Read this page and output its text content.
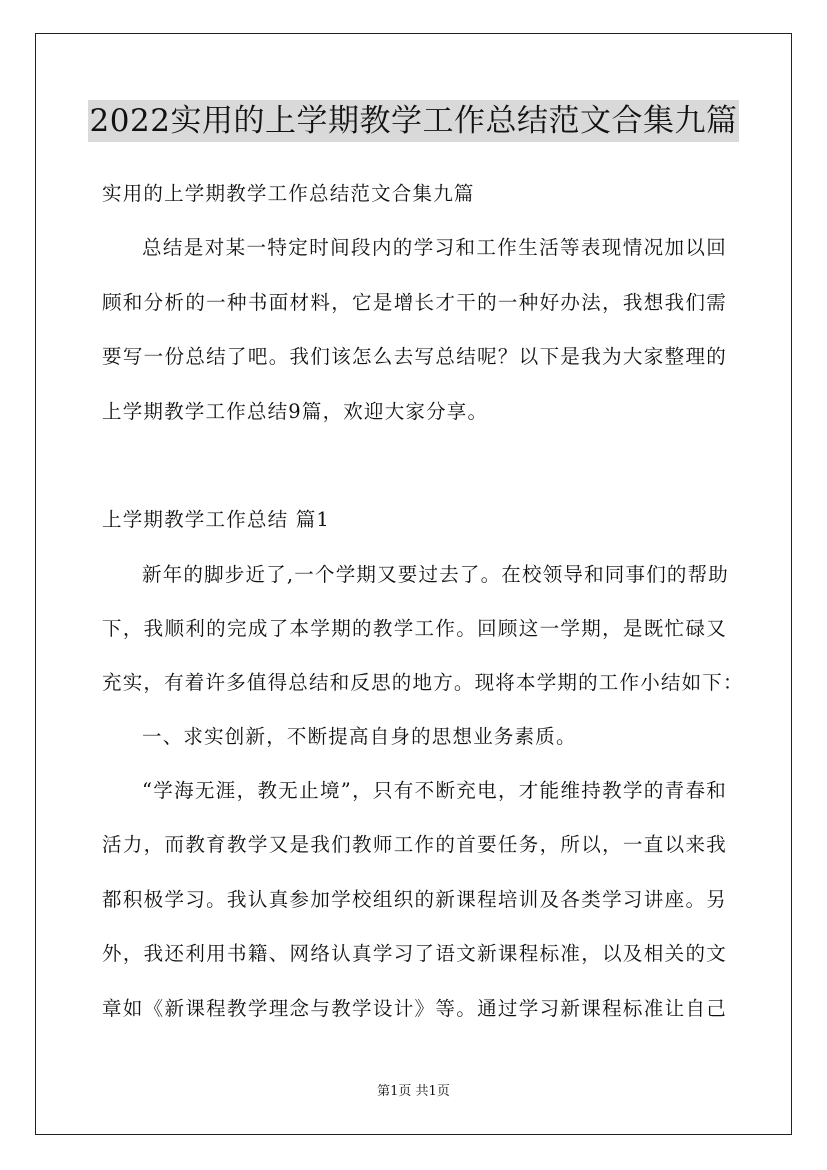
2022实用的上学期教学工作总结范文合集九篇
实用的上学期教学工作总结范文合集九篇
总结是对某一特定时间段内的学习和工作生活等表现情况加以回
顾和分析的一种书面材料，它是增长才干的一种好办法，我想我们需
要写一份总结了吧。我们该怎么去写总结呢？以下是我为大家整理的
上学期教学工作总结9篇，欢迎大家分享。
上学期教学工作总结 篇1
新年的脚步近了,一个学期又要过去了。在校领导和同事们的帮助
下，我顺利的完成了本学期的教学工作。回顾这一学期，是既忙碌又
充实，有着许多值得总结和反思的地方。现将本学期的工作小结如下：
一、求实创新，不断提高自身的思想业务素质。
“学海无涯，教无止境”，只有不断充电，才能维持教学的青春和
活力，而教育教学又是我们教师工作的首要任务，所以，一直以来我
都积极学习。我认真参加学校组织的新课程培训及各类学习讲座。另
外，我还利用书籍、网络认真学习了语文新课程标准，以及相关的文
章如《新课程教学理念与教学设计》等。通过学习新课程标准让自己
第1页 共1页
